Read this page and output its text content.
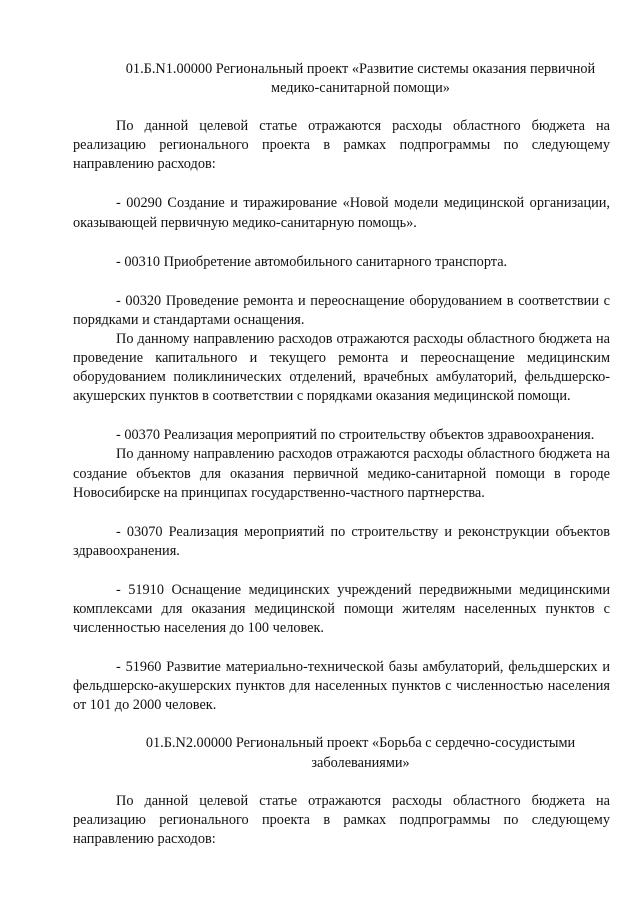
01.Б.N1.00000 Региональный проект «Развитие системы оказания первичной
медико-санитарной помощи»

По данной целевой статье отражаются расходы областного бюджета на реализацию регионального проекта в рамках подпрограммы по следующему направлению расходов:

- 00290 Создание и тиражирование «Новой модели медицинской организации, оказывающей первичную медико-санитарную помощь».

- 00310 Приобретение автомобильного санитарного транспорта.

- 00320 Проведение ремонта и переоснащение оборудованием в соответствии с порядками и стандартами оснащения.

По данному направлению расходов отражаются расходы областного бюджета на проведение капитального и текущего ремонта и переоснащение медицинским оборудованием поликлинических отделений, врачебных амбулаторий, фельдшерско-акушерских пунктов в соответствии с порядками оказания медицинской помощи.

- 00370 Реализация мероприятий по строительству объектов здравоохранения.

По данному направлению расходов отражаются расходы областного бюджета на создание объектов для оказания первичной медико-санитарной помощи в городе Новосибирске на принципах государственно-частного партнерства.

- 03070 Реализация мероприятий по строительству и реконструкции объектов здравоохранения.

- 51910 Оснащение медицинских учреждений передвижными медицинскими комплексами для оказания медицинской помощи жителям населенных пунктов с численностью населения до 100 человек.

- 51960 Развитие материально-технической базы амбулаторий, фельдшерских и фельдшерско-акушерских пунктов для населенных пунктов с численностью населения от 101 до 2000 человек.

01.Б.N2.00000 Региональный проект «Борьба с сердечно-сосудистыми
заболеваниями»

По данной целевой статье отражаются расходы областного бюджета на реализацию регионального проекта в рамках подпрограммы по следующему направлению расходов:
